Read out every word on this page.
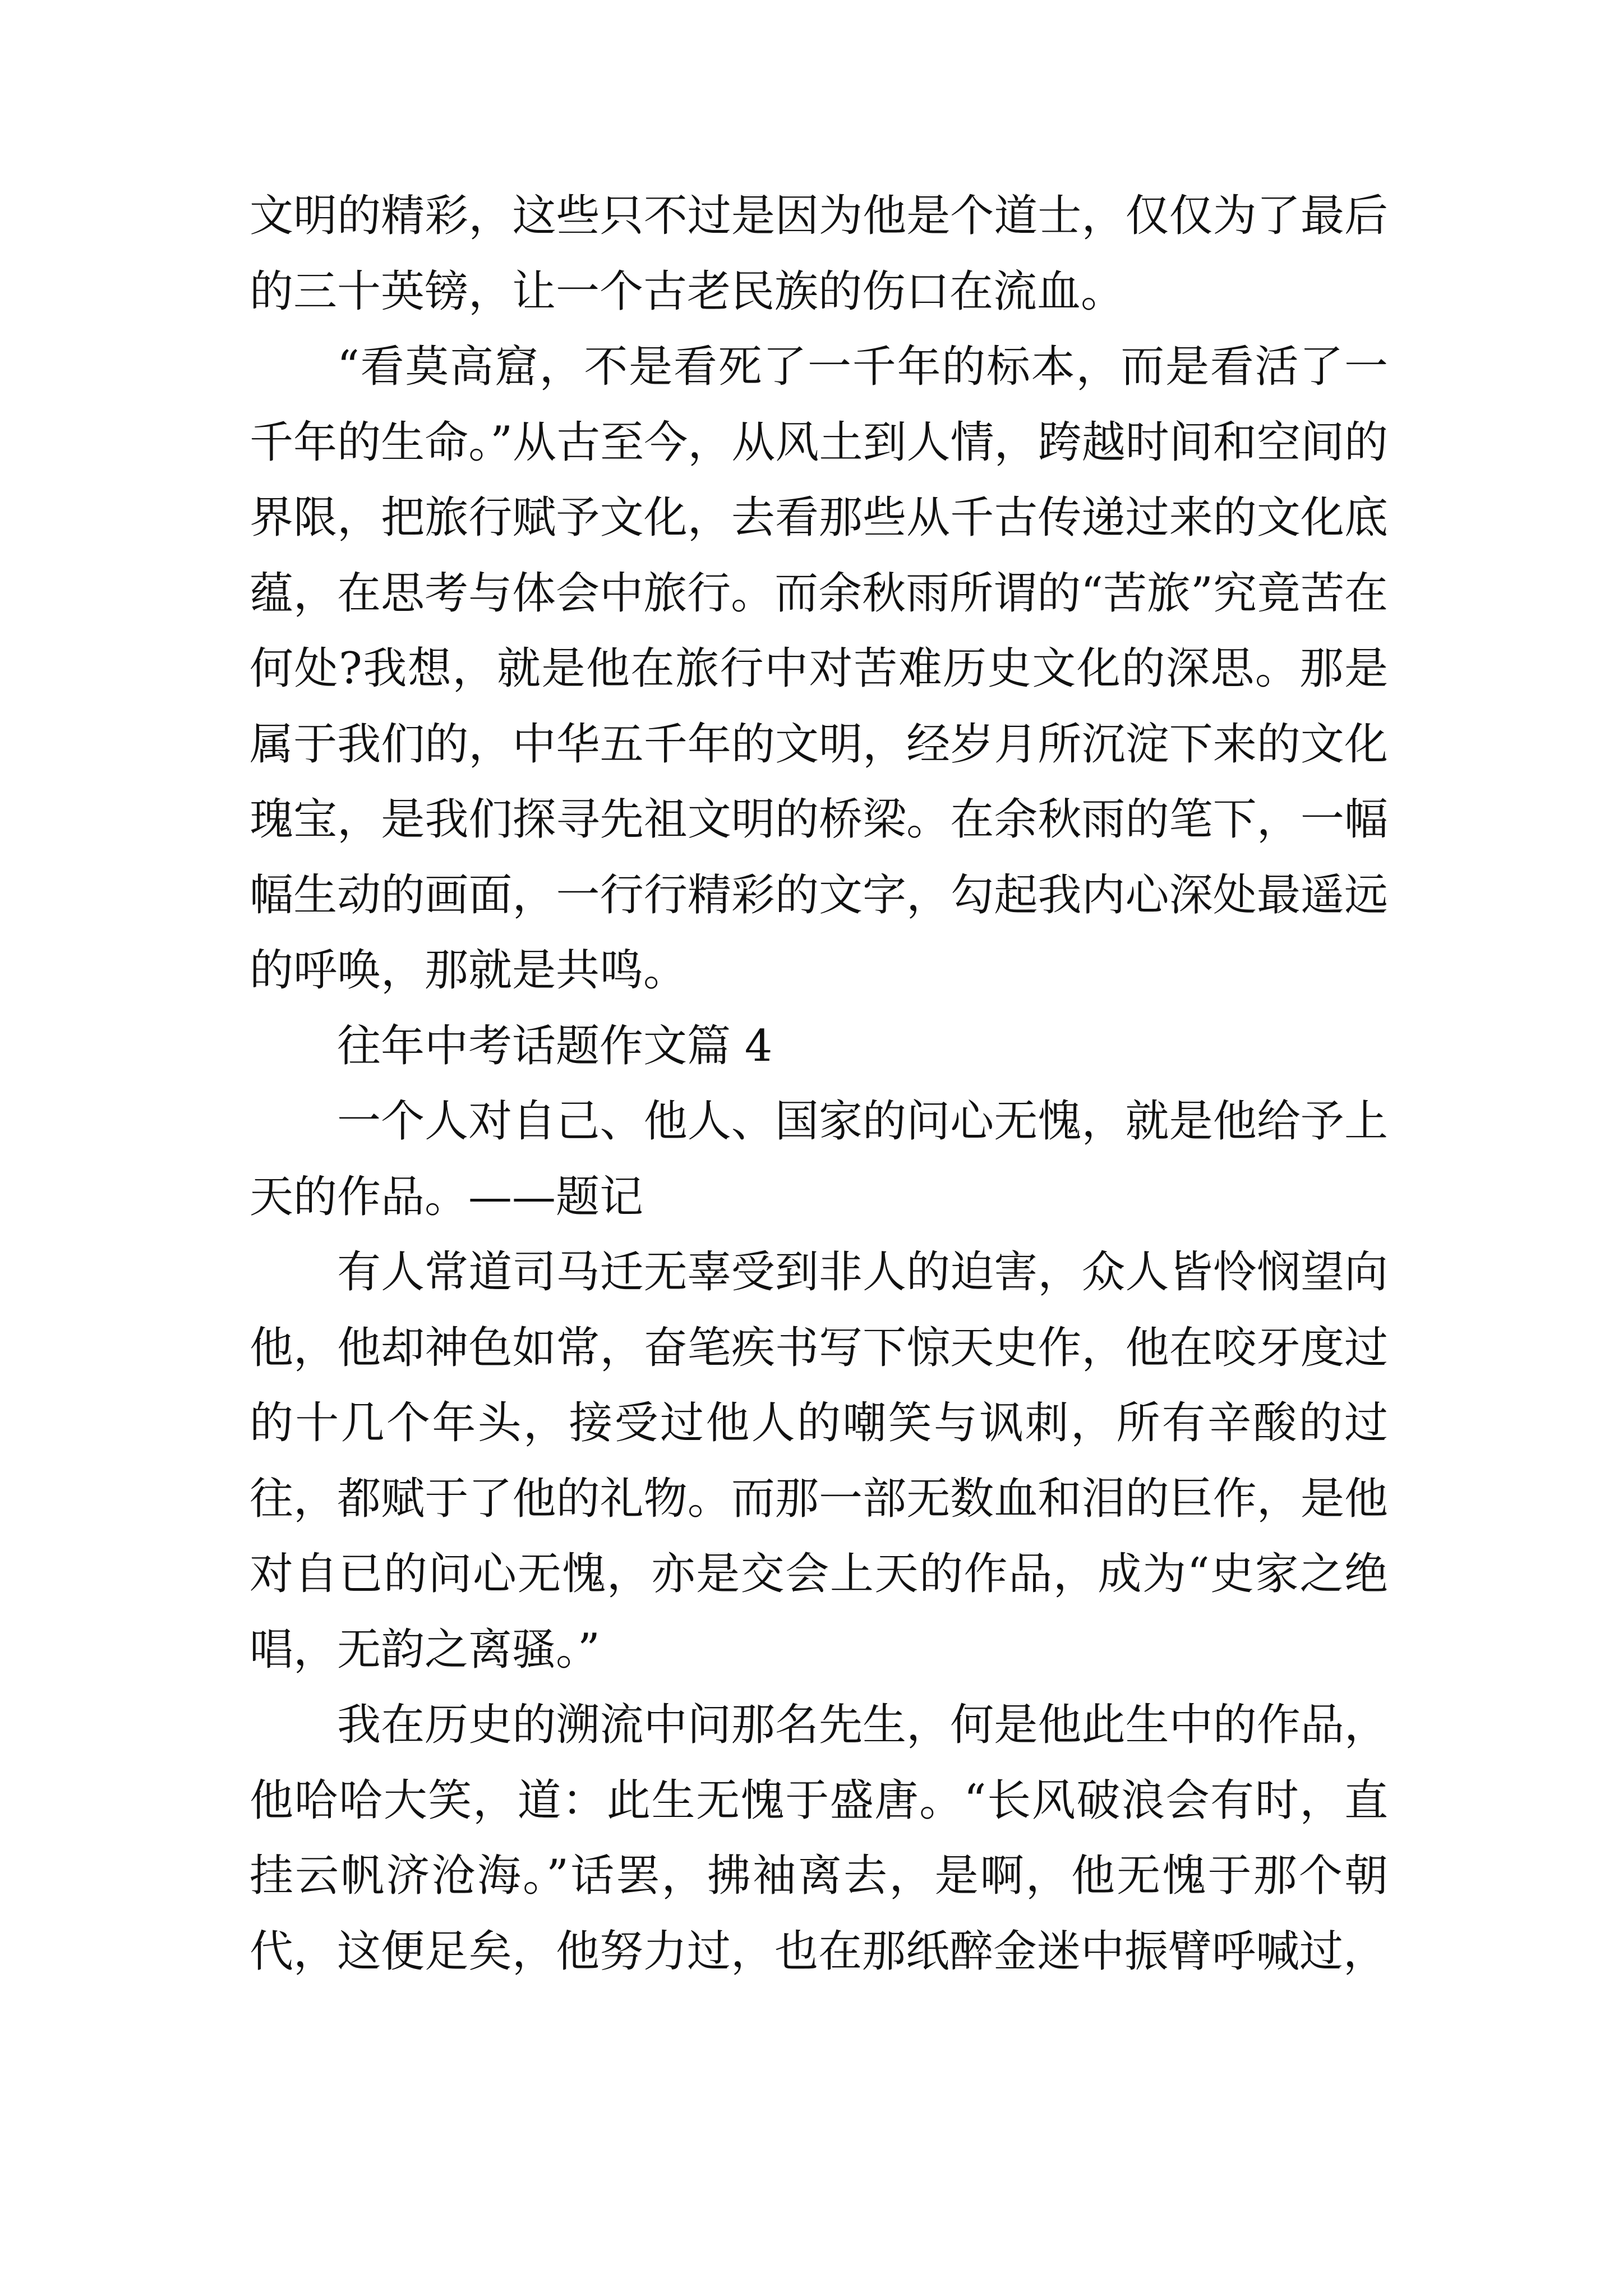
文明的精彩，这些只不过是因为他是个道士，仅仅为了最后的三十英镑，让一个古老民族的伤口在流血。

“看莫高窟，不是看死了一千年的标本，而是看活了一千年的生命。”从古至今，从风土到人情，跨越时间和空间的界限，把旅行赋予文化，去看那些从千古传递过来的文化底蕴，在思考与体会中旅行。而余秋雨所谓的“苦旅”究竟苦在何处?我想，就是他在旅行中对苦难历史文化的深思。那是属于我们的，中华五千年的文明，经岁月所沉淀下来的文化瑰宝，是我们探寻先祖文明的桥梁。在余秋雨的笔下，一幅幅生动的画面，一行行精彩的文字，勾起我内心深处最遥远的呼唤，那就是共鸣。

往年中考话题作文篇 4

一个人对自己、他人、国家的问心无愧，就是他给予上天的作品。——题记

有人常道司马迁无辜受到非人的迫害，众人皆怜悯望向他，他却神色如常，奋笔疾书写下惊天史作，他在咬牙度过的十几个年头，接受过他人的嘲笑与讽刺，所有辛酸的过往，都赋于了他的礼物。而那一部无数血和泪的巨作，是他对自已的问心无愧，亦是交会上天的作品，成为“史家之绝唱，无韵之离骚。”

我在历史的溯流中问那名先生，何是他此生中的作品，他哈哈大笑，道：此生无愧于盛唐。“长风破浪会有时，直挂云帆济沧海。”话罢，拂袖离去，是啊，他无愧于那个朝代，这便足矣，他努力过，也在那纸醉金迷中振臂呼喊过，
